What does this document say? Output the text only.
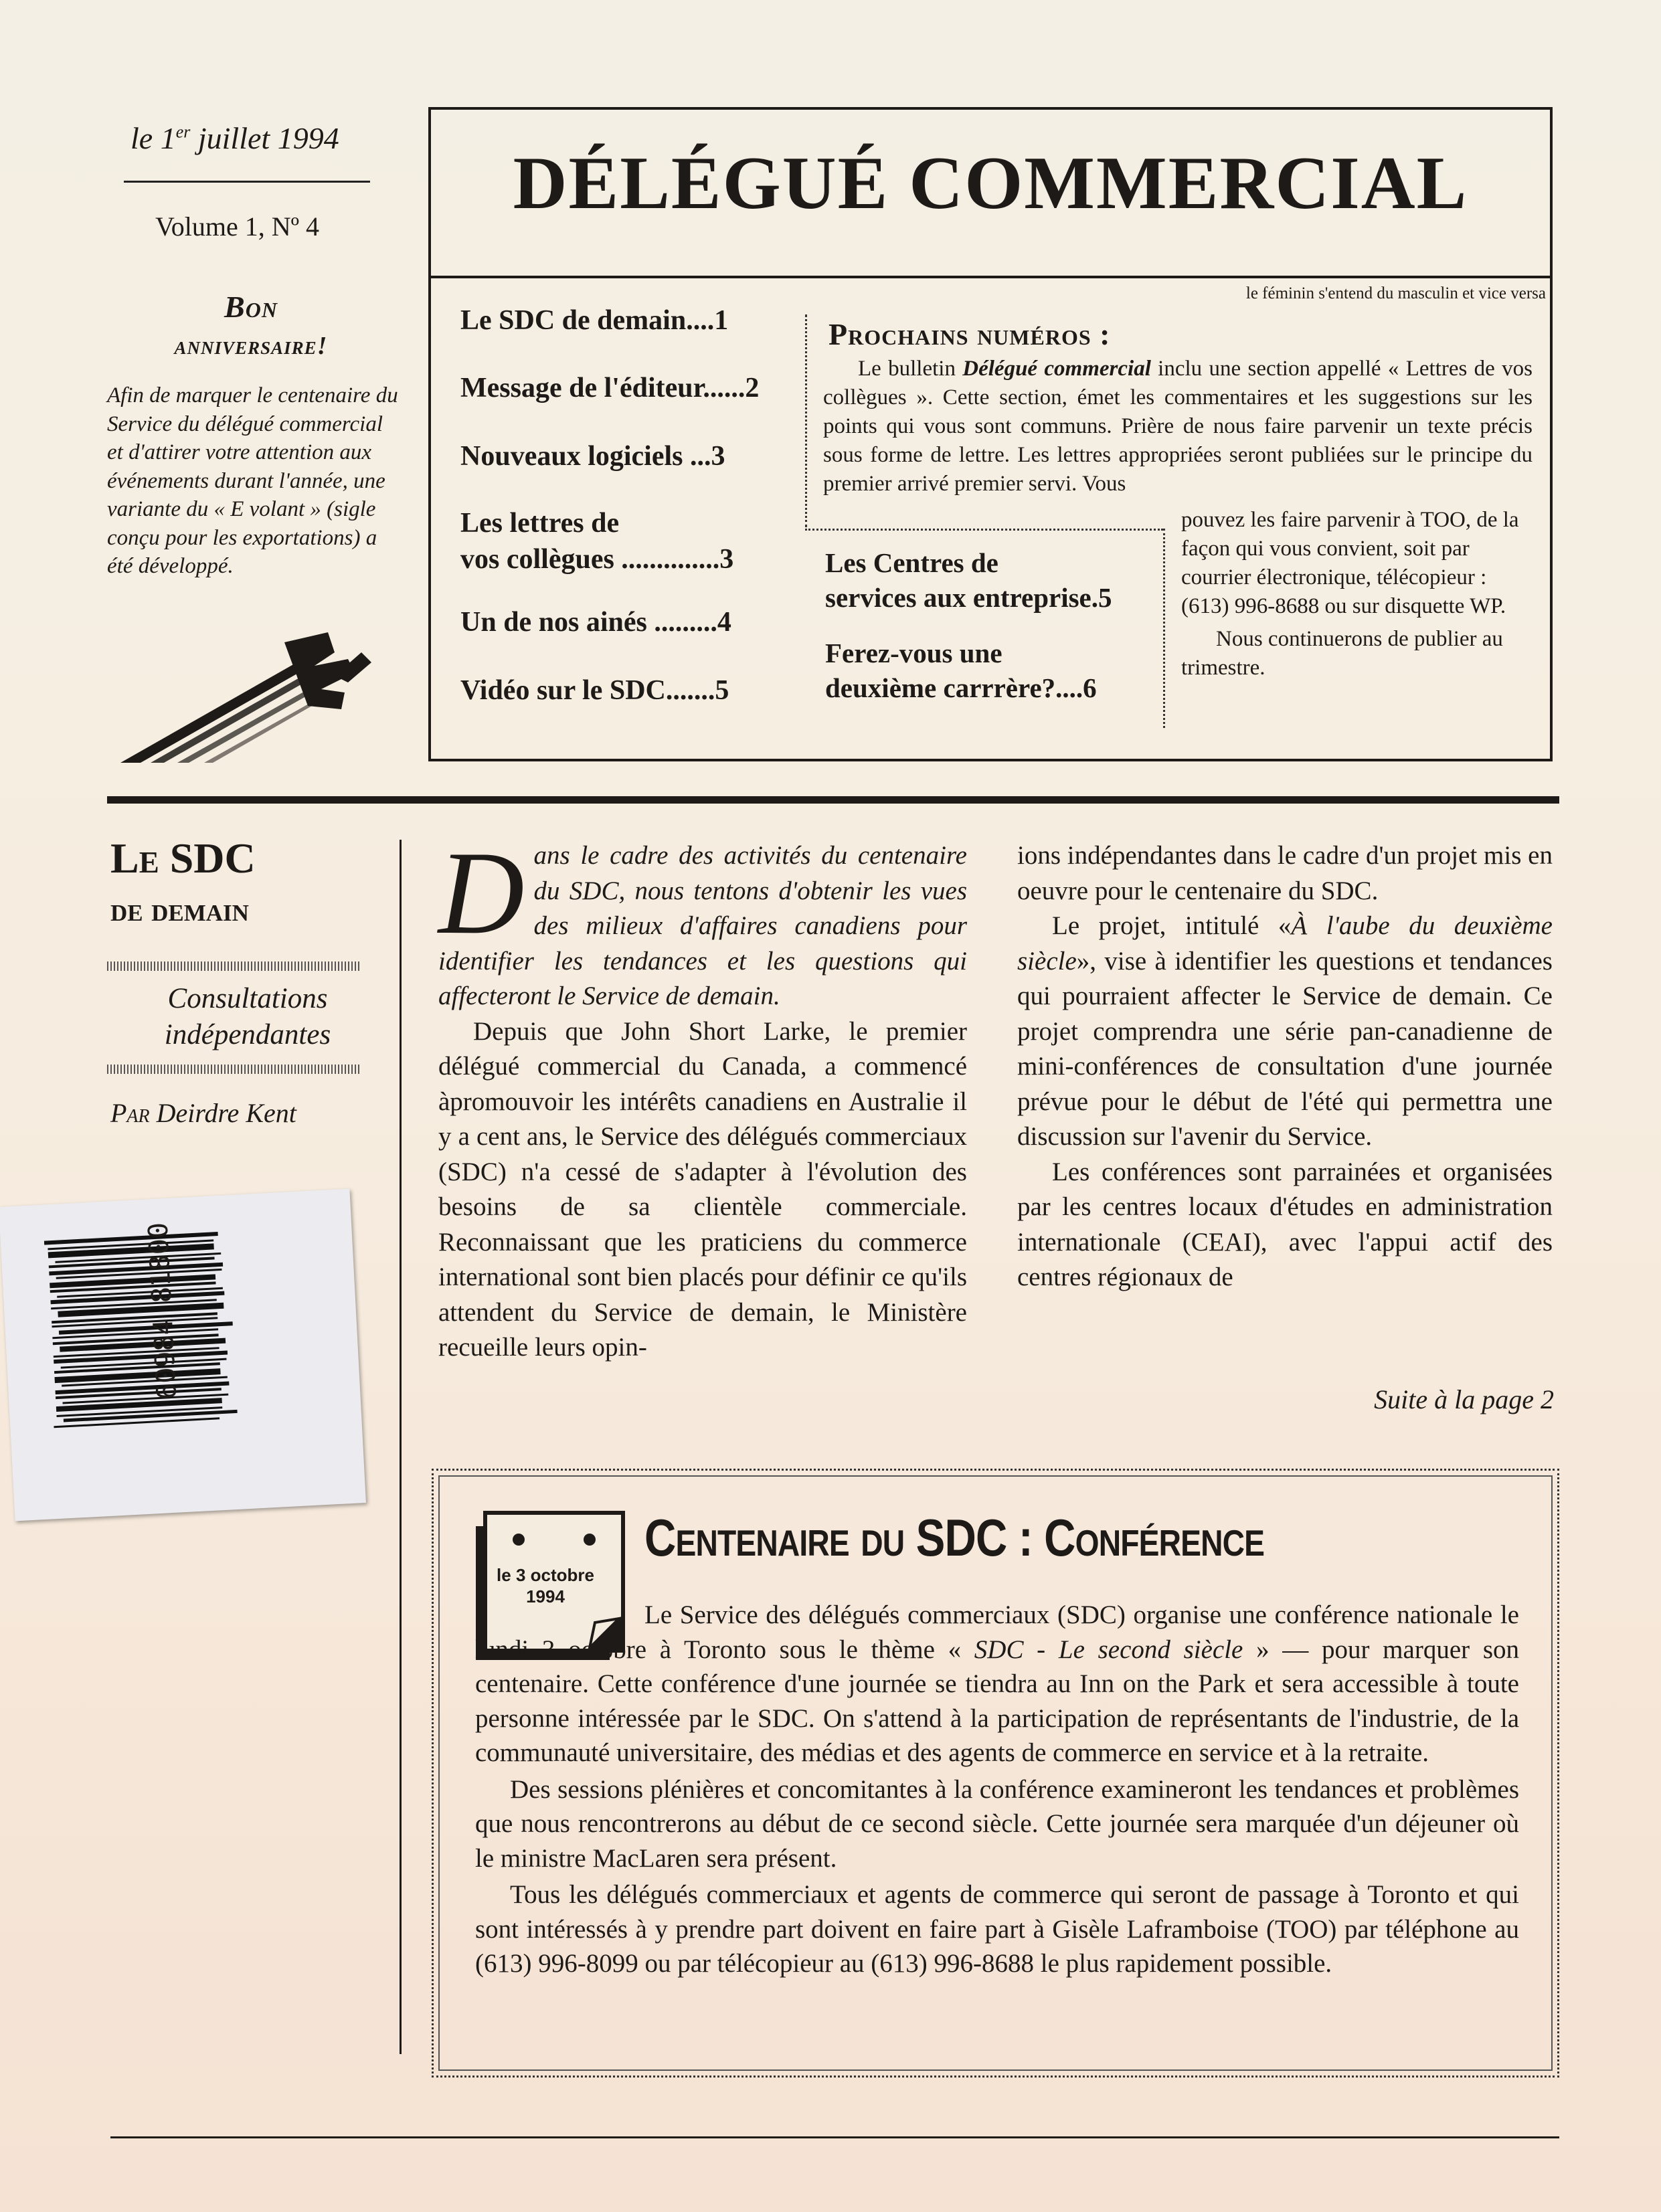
le 1er juillet 1994
Volume 1, Nº 4
Bon
anniversaire!
Afin de marquer le centenaire du Service du délégué commercial et d'attirer votre attention aux événements durant l'année, une variante du « E volant » (sigle conçu pour les exportations) a été développé.
DÉLÉGUÉ COMMERCIAL
le féminin s'entend du masculin et vice versa
Le SDC de demain....1
Message de l'éditeur......2
Nouveaux logiciels ...3
Les lettres de
vos collègues ..............3
Un de nos ainés .........4
Vidéo sur le SDC.......5
Prochains numéros :

Le bulletin Délégué commercial inclu une section appellé « Lettres de vos collègues ». Cette section, émet les commentaires et les suggestions sur les points qui vous sont communs. Prière de nous faire parvenir un texte précis sous forme de lettre. Les lettres appropriées seront publiées sur le principe du premier arrivé premier servi. Vous

pouvez les faire parvenir à TOO, de la façon qui vous convient, soit par courrier électronique, télécopieur : (613) 996-8688 ou sur disquette WP.

Nous continuerons de publier au trimestre.

Les Centres de
services aux entreprise.5
Ferez-vous une
deuxième carrrère?....6
Le SDC
de demain
Consultations indépendantes
Par Deirdre Kent

Dans le cadre des activités du centenaire du SDC, nous tentons d'obtenir les vues des milieux d'affaires canadiens pour identifier les tendances et les questions qui affecteront le Service de demain.

Depuis que John Short Larke, le premier délégué commercial du Canada, a commencé àpromouvoir les intérêts canadiens en Australie il y a cent ans, le Service des délégués commerciaux (SDC) n'a cessé de s'adapter à l'évolution des besoins de sa clientèle commerciale. Reconnaissant que les praticiens du commerce international sont bien placés pour définir ce qu'ils attendent du Service de demain, le Ministère recueille leurs opin-

ions indépendantes dans le cadre d'un projet mis en oeuvre pour le centenaire du SDC.

Le projet, intitulé «À l'aube du deuxième siècle», vise à identifier les questions et tendances qui pourraient affecter le Service de demain. Ce projet comprendra une série pan-canadienne de mini-conférences de consultation d'une journée prévue pour le début de l'été qui permettra une discussion sur l'avenir du Service.

Les conférences sont parrainées et organisées par les centres locaux d'études en administration internationale (CEAI), avec l'appui actif des centres régionaux de

Suite à la page 2
le 3 octobre
1994
Centenaire du SDC : Conférence

Le Service des délégués commerciaux (SDC) organise une conférence nationale le lundi 3 octobre à Toronto sous le thème « SDC - Le second siècle » — pour marquer son centenaire. Cette conférence d'une journée se tiendra au Inn on the Park et sera accessible à toute personne intéressée par le SDC. On s'attend à la participation de représentants de l'industrie, de la communauté universitaire, des médias et des agents de commerce en service et à la retraite.

Des sessions plénières et concomitantes à la conférence examineront les tendances et problèmes que nous rencontrerons au début de ce second siècle. Cette journée sera marquée d'un déjeuner où le ministre MacLaren sera présent.

Tous les délégués commerciaux et agents de commerce qui seront de passage à Toronto et qui sont intéressés à y prendre part doivent en faire part à Gisèle Laframboise (TOO) par téléphone au (613) 996-8099 ou par télécopieur au (613) 996-8688 le plus rapidement possible.
